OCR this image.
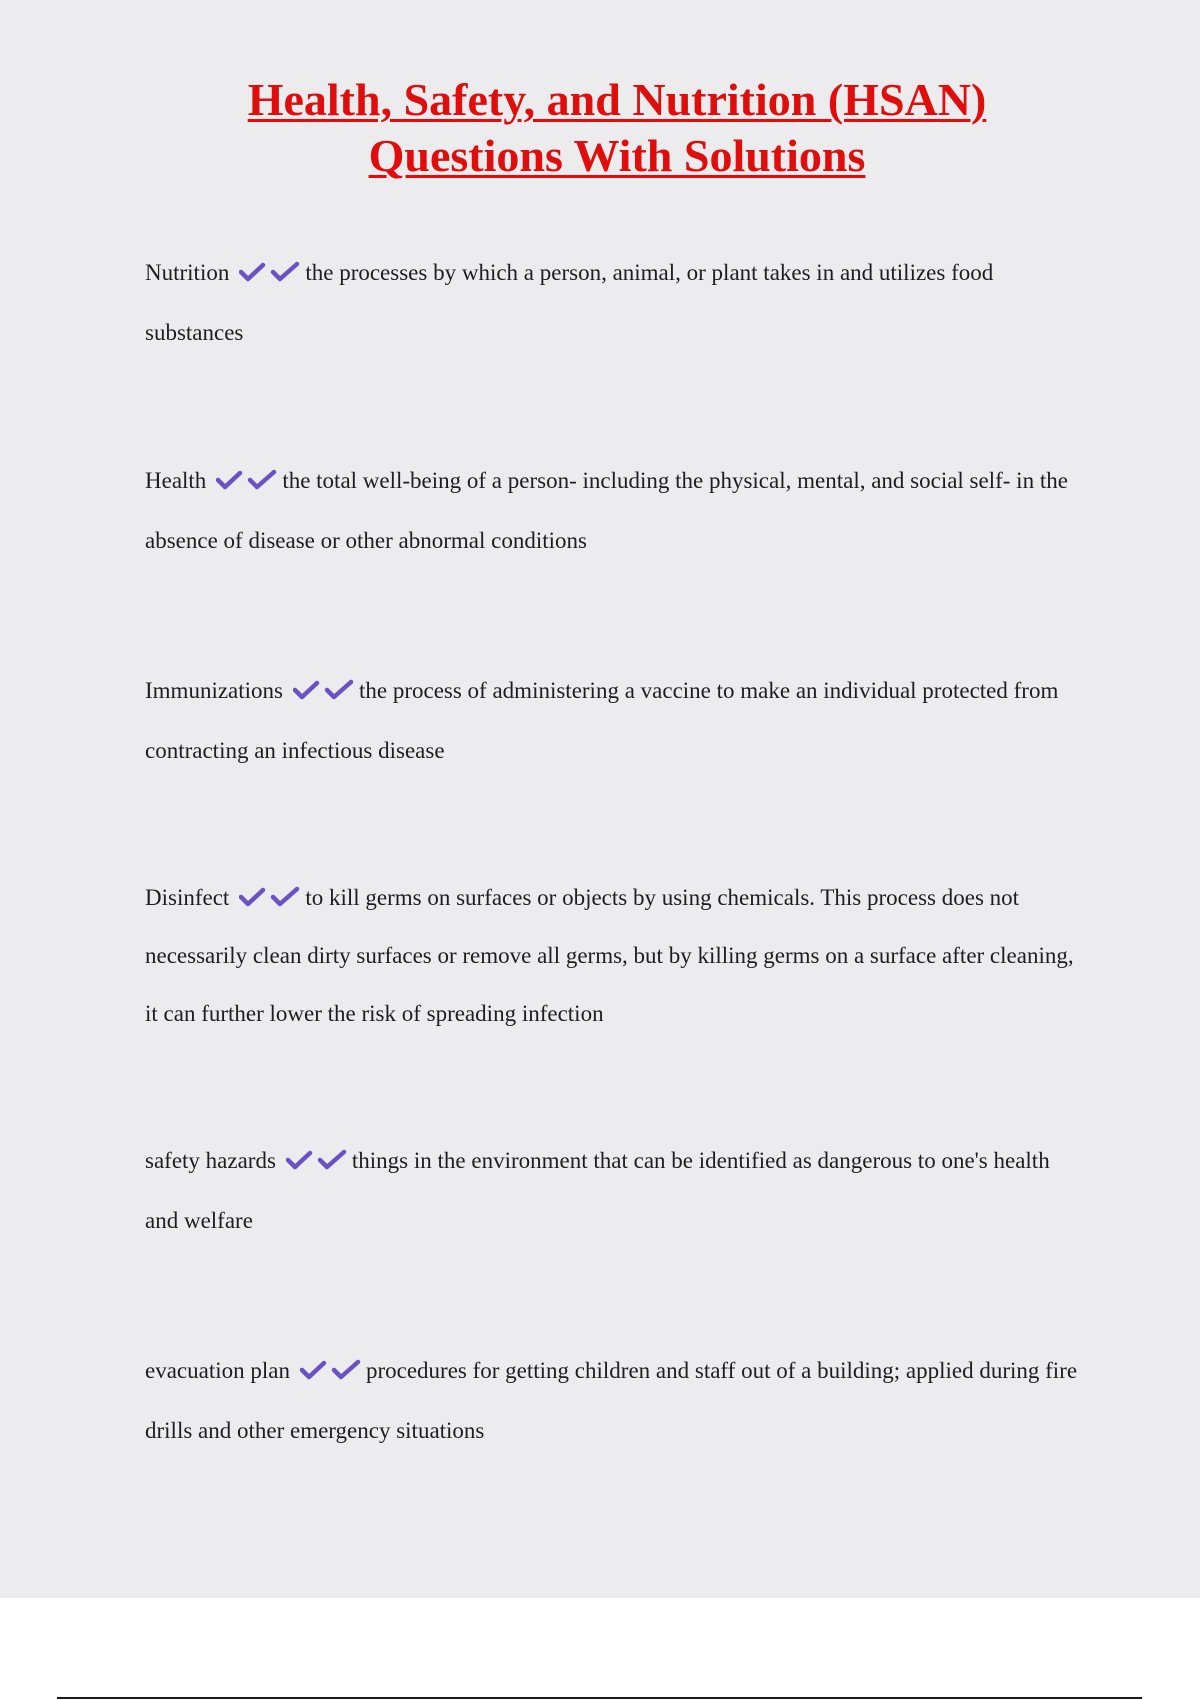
Health, Safety, and Nutrition (HSAN)
Questions With Solutions

Nutrition	the processes by which a person, animal, or plant takes in and utilizes food substances

Health	the total well-being of a person- including the physical, mental, and social self- in the absence of disease or other abnormal conditions

Immunizations	the process of administering a vaccine to make an individual protected from contracting an infectious disease

Disinfect	to kill germs on surfaces or objects by using chemicals. This process does not necessarily clean dirty surfaces or remove all germs, but by killing germs on a surface after cleaning, it can further lower the risk of spreading infection

safety hazards	things in the environment that can be identified as dangerous to one's health and welfare

evacuation plan	procedures for getting children and staff out of a building; applied during fire drills and other emergency situations
